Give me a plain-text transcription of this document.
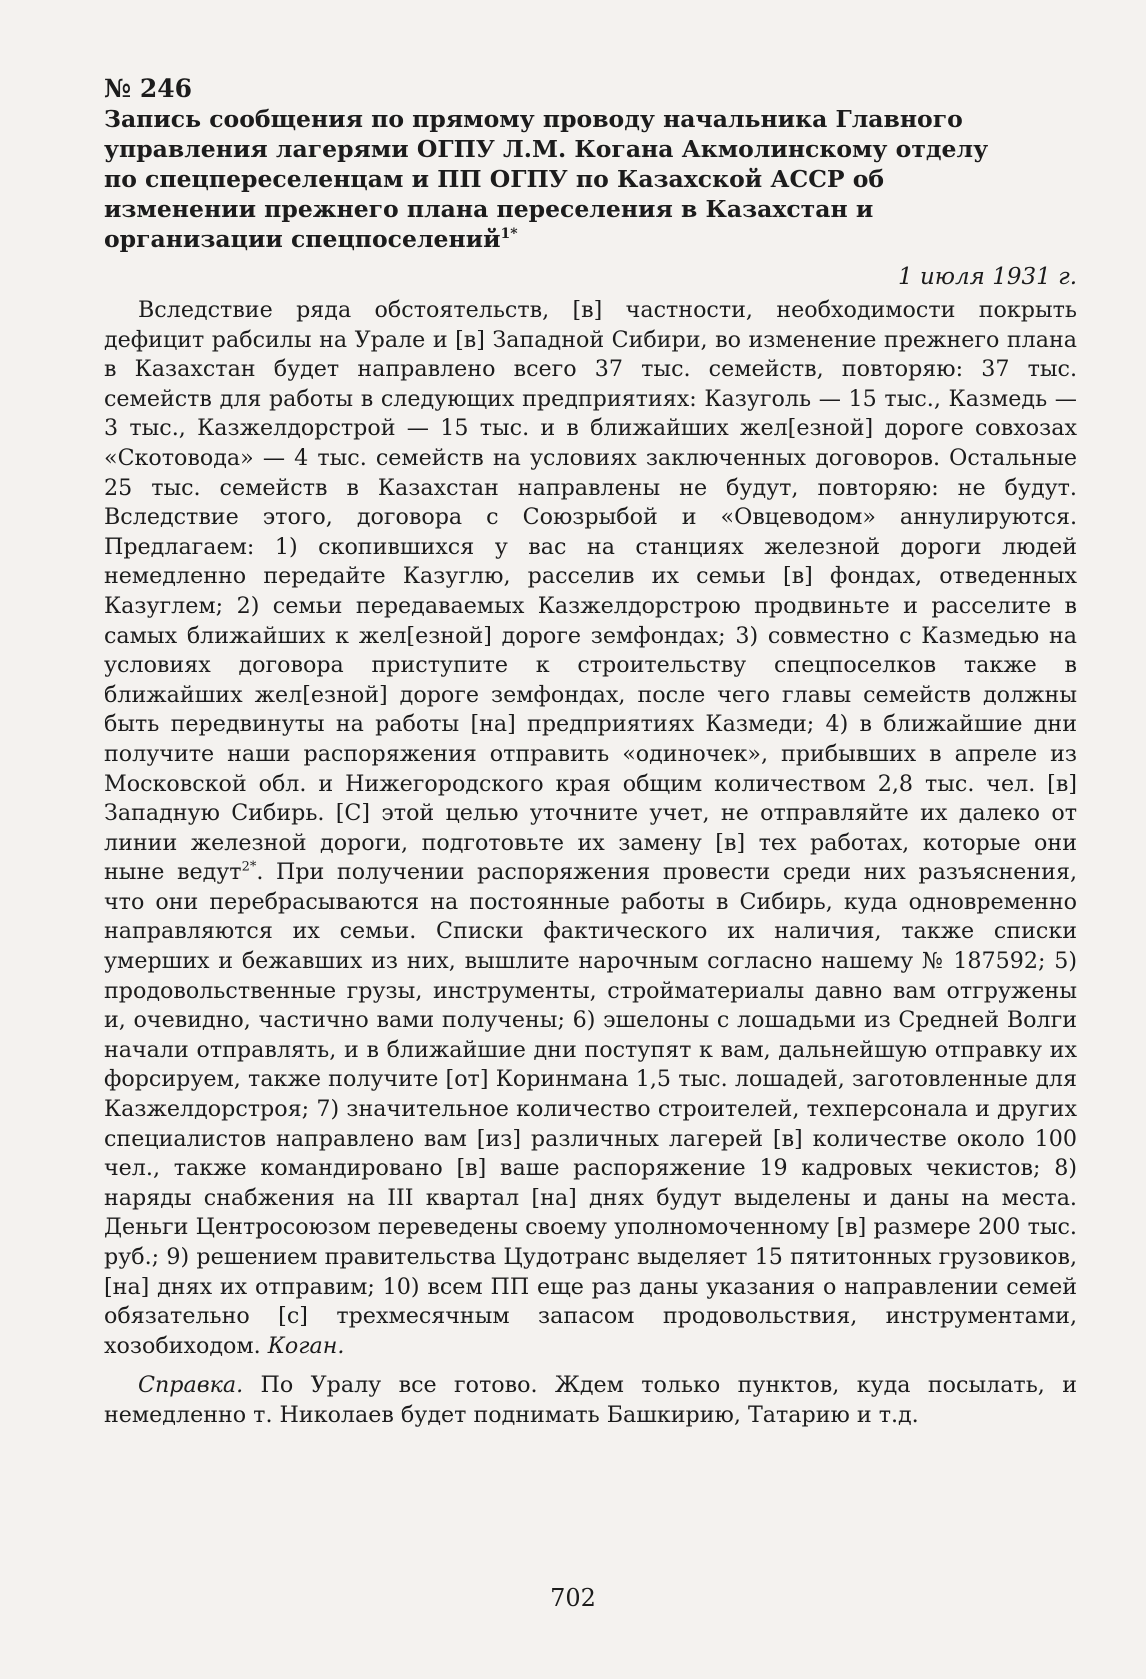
№ 246

Запись сообщения по прямому проводу начальника Главного управления лагерями ОГПУ Л.М. Когана Акмолинскому отделу по спецпереселенцам и ПП ОГПУ по Казахской АССР об изменении прежнего плана переселения в Казахстан и организации спецпоселений$^{1*}$

1 июля 1931 г.

Вследствие ряда обстоятельств, [в] частности, необходимости покрыть дефицит рабсилы на Урале и [в] Западной Сибири, во изменение прежнего плана в Казахстан будет направлено всего 37 тыс. семейств, повторяю: 37 тыс. семейств для работы в следующих предприятиях: Казуголь — 15 тыс., Казмедь — 3 тыс., Казжелдорстрой — 15 тыс. и в ближайших жел[езной] дороге совхозах «Скотовода» — 4 тыс. семейств на условиях заключенных договоров. Остальные 25 тыс. семейств в Казахстан направлены не будут, повторяю: не будут. Вследствие этого, договора с Союзрыбой и «Овцеводом» аннулируются. Предлагаем: 1) скопившихся у вас на станциях железной дороги людей немедленно передайте Казуглю, расселив их семьи [в] фондах, отведенных Казуглем; 2) семьи передаваемых Казжелдорстрою продвиньте и расселите в самых ближайших к жел[езной] дороге земфондах; 3) совместно с Казмедью на условиях договора приступите к строительству спецпоселков также в ближайших жел[езной] дороге земфондах, после чего главы семейств должны быть передвинуты на работы [на] предприятиях Казмеди; 4) в ближайшие дни получите наши распоряжения отправить «одиночек», прибывших в апреле из Московской обл. и Нижегородского края общим количеством 2,8 тыс. чел. [в] Западную Сибирь. [С] этой целью уточните учет, не отправляйте их далеко от линии железной дороги, подготовьте их замену [в] тех работах, которые они ныне ведут$^{2*}$. При получении распоряжения провести среди них разъяснения, что они перебрасываются на постоянные работы в Сибирь, куда одновременно направляются их семьи. Списки фактического их наличия, также списки умерших и бежавших из них, вышлите нарочным согласно нашему № 187592; 5) продовольственные грузы, инструменты, стройматериалы давно вам отгружены и, очевидно, частично вами получены; 6) эшелоны с лошадьми из Средней Волги начали отправлять, и в ближайшие дни поступят к вам, дальнейшую отправку их форсируем, также получите [от] Коринмана 1,5 тыс. лошадей, заготовленные для Казжелдорстроя; 7) значительное количество строителей, техперсонала и других специалистов направлено вам [из] различных лагерей [в] количестве около 100 чел., также командировано [в] ваше распоряжение 19 кадровых чекистов; 8) наряды снабжения на III квартал [на] днях будут выделены и даны на места. Деньги Центросоюзом переведены своему уполномоченному [в] размере 200 тыс. руб.; 9) решением правительства Цудотранс выделяет 15 пятитонных грузовиков, [на] днях их отправим; 10) всем ПП еще раз даны указания о направлении семей обязательно [с] трехмесячным запасом продовольствия, инструментами, хозобиходом. Коган.

Справка. По Уралу все готово. Ждем только пунктов, куда посылать, и немедленно т. Николаев будет поднимать Башкирию, Татарию и т.д.

702
